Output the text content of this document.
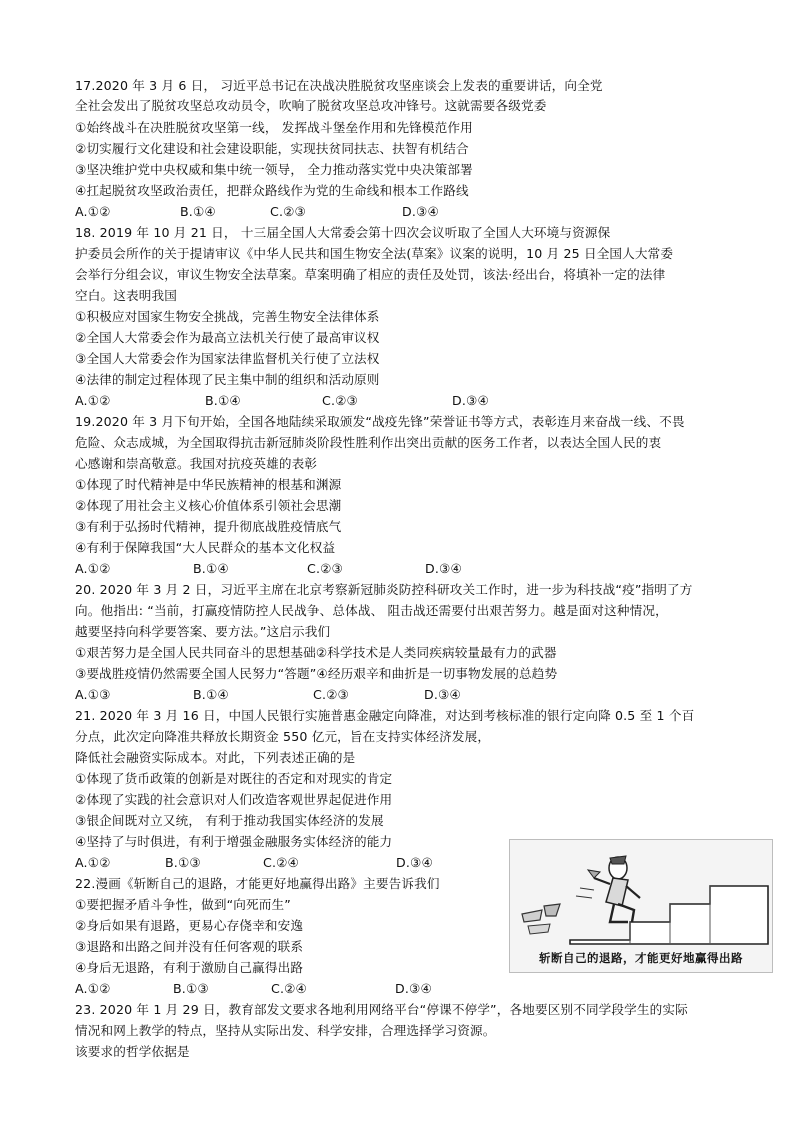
17.2020 年 3 月 6 日， 习近平总书记在决战决胜脱贫攻坚座谈会上发表的重要讲话，向全党
全社会发出了脱贫攻坚总攻动员令，吹响了脱贫攻坚总攻冲锋号。这就需要各级党委
①始终战斗在决胜脱贫攻坚第一线， 发挥战斗堡垒作用和先锋模范作用
②切实履行文化建设和社会建设职能，实现扶贫同扶志、扶智有机结合
③坚决维护党中央权威和集中统一领导， 全力推动落实党中央决策部署
④扛起脱贫攻坚政治责任，把群众路线作为党的生命线和根本工作路线
A.①②	B.①④	C.②③	D.③④
18. 2019 年 10 月 21 日， 十三届全国人大常委会第十四次会议听取了全国人大环境与资源保
护委员会所作的关于提请审议《中华人民共和国生物安全法(草案》议案的说明，10 月 25 日全国人大常委
会举行分组会议，审议生物安全法草案。草案明确了相应的责任及处罚，该法·经出台，将填补一定的法律
空白。这表明我国
①积极应对国家生物安全挑战，完善生物安全法律体系
②全国人大常委会作为最高立法机关行使了最高审议权
③全国人大常委会作为国家法律监督机关行使了立法权
④法律的制定过程体现了民主集中制的组织和活动原则
A.①②	B.①④	C.②③	D.③④
19.2020 年 3 月下旬开始，全国各地陆续采取颁发“战疫先锋”荣誉证书等方式，表彰连月来奋战一线、不畏
危险、众志成城，为全国取得抗击新冠肺炎阶段性胜利作出突出贡献的医务工作者，以表达全国人民的衷
心感谢和崇高敬意。我国对抗疫英雄的表彰
①体现了时代精神是中华民族精神的根基和渊源
②体现了用社会主义核心价值体系引领社会思潮
③有利于弘扬时代精神，提升彻底战胜疫情底气
④有利于保障我国“大人民群众的基本文化权益
A.①②	B.①④	C.②③	D.③④
20. 2020 年 3 月 2 日，习近平主席在北京考察新冠肺炎防控科研攻关工作时，进一步为科技战“疫”指明了方
向。他指出: “当前，打赢疫情防控人民战争、总体战、 阻击战还需要付出艰苦努力。越是面对这种情况，
越要坚持向科学要答案、要方法。”这启示我们
①艰苦努力是全国人民共同奋斗的思想基础②科学技术是人类同疾病较量最有力的武器
③要战胜疫情仍然需要全国人民努力“答题”④经历艰辛和曲折是一切事物发展的总趋势
A.①③	B.①④	C.②③	D.③④
21. 2020 年 3 月 16 日，中国人民银行实施普惠金融定向降准，对达到考核标准的银行定向降 0.5 至 1 个百
分点，此次定向降准共释放长期资金 550 亿元，旨在支持实体经济发展，
降低社会融资实际成本。对此，下列表述正确的是
①体现了货币政策的创新是对既往的否定和对现实的肯定
②体现了实践的社会意识对人们改造客观世界起促进作用
③银企间既对立又统， 有利于推动我国实体经济的发展
④坚持了与时俱进，有利于增强金融服务实体经济的能力
A.①②	B.①③	C.②④	D.③④
22.漫画《斩断自己的退路，才能更好地赢得出路》主要告诉我们
①要把握矛盾斗争性，做到“向死而生”
②身后如果有退路，更易心存侥幸和安逸
③退路和出路之间并没有任何客观的联系
④身后无退路，有利于激励自己赢得出路
A.①②	B.①③	C.②④	D.③④
斩断自己的退路，才能更好地赢得出路
23. 2020 年 1 月 29 日，教育部发文要求各地利用网络平台“停课不停学”，各地要区别不同学段学生的实际
情况和网上教学的特点，坚持从实际出发、科学安排，合理选择学习资源。
该要求的哲学依据是
